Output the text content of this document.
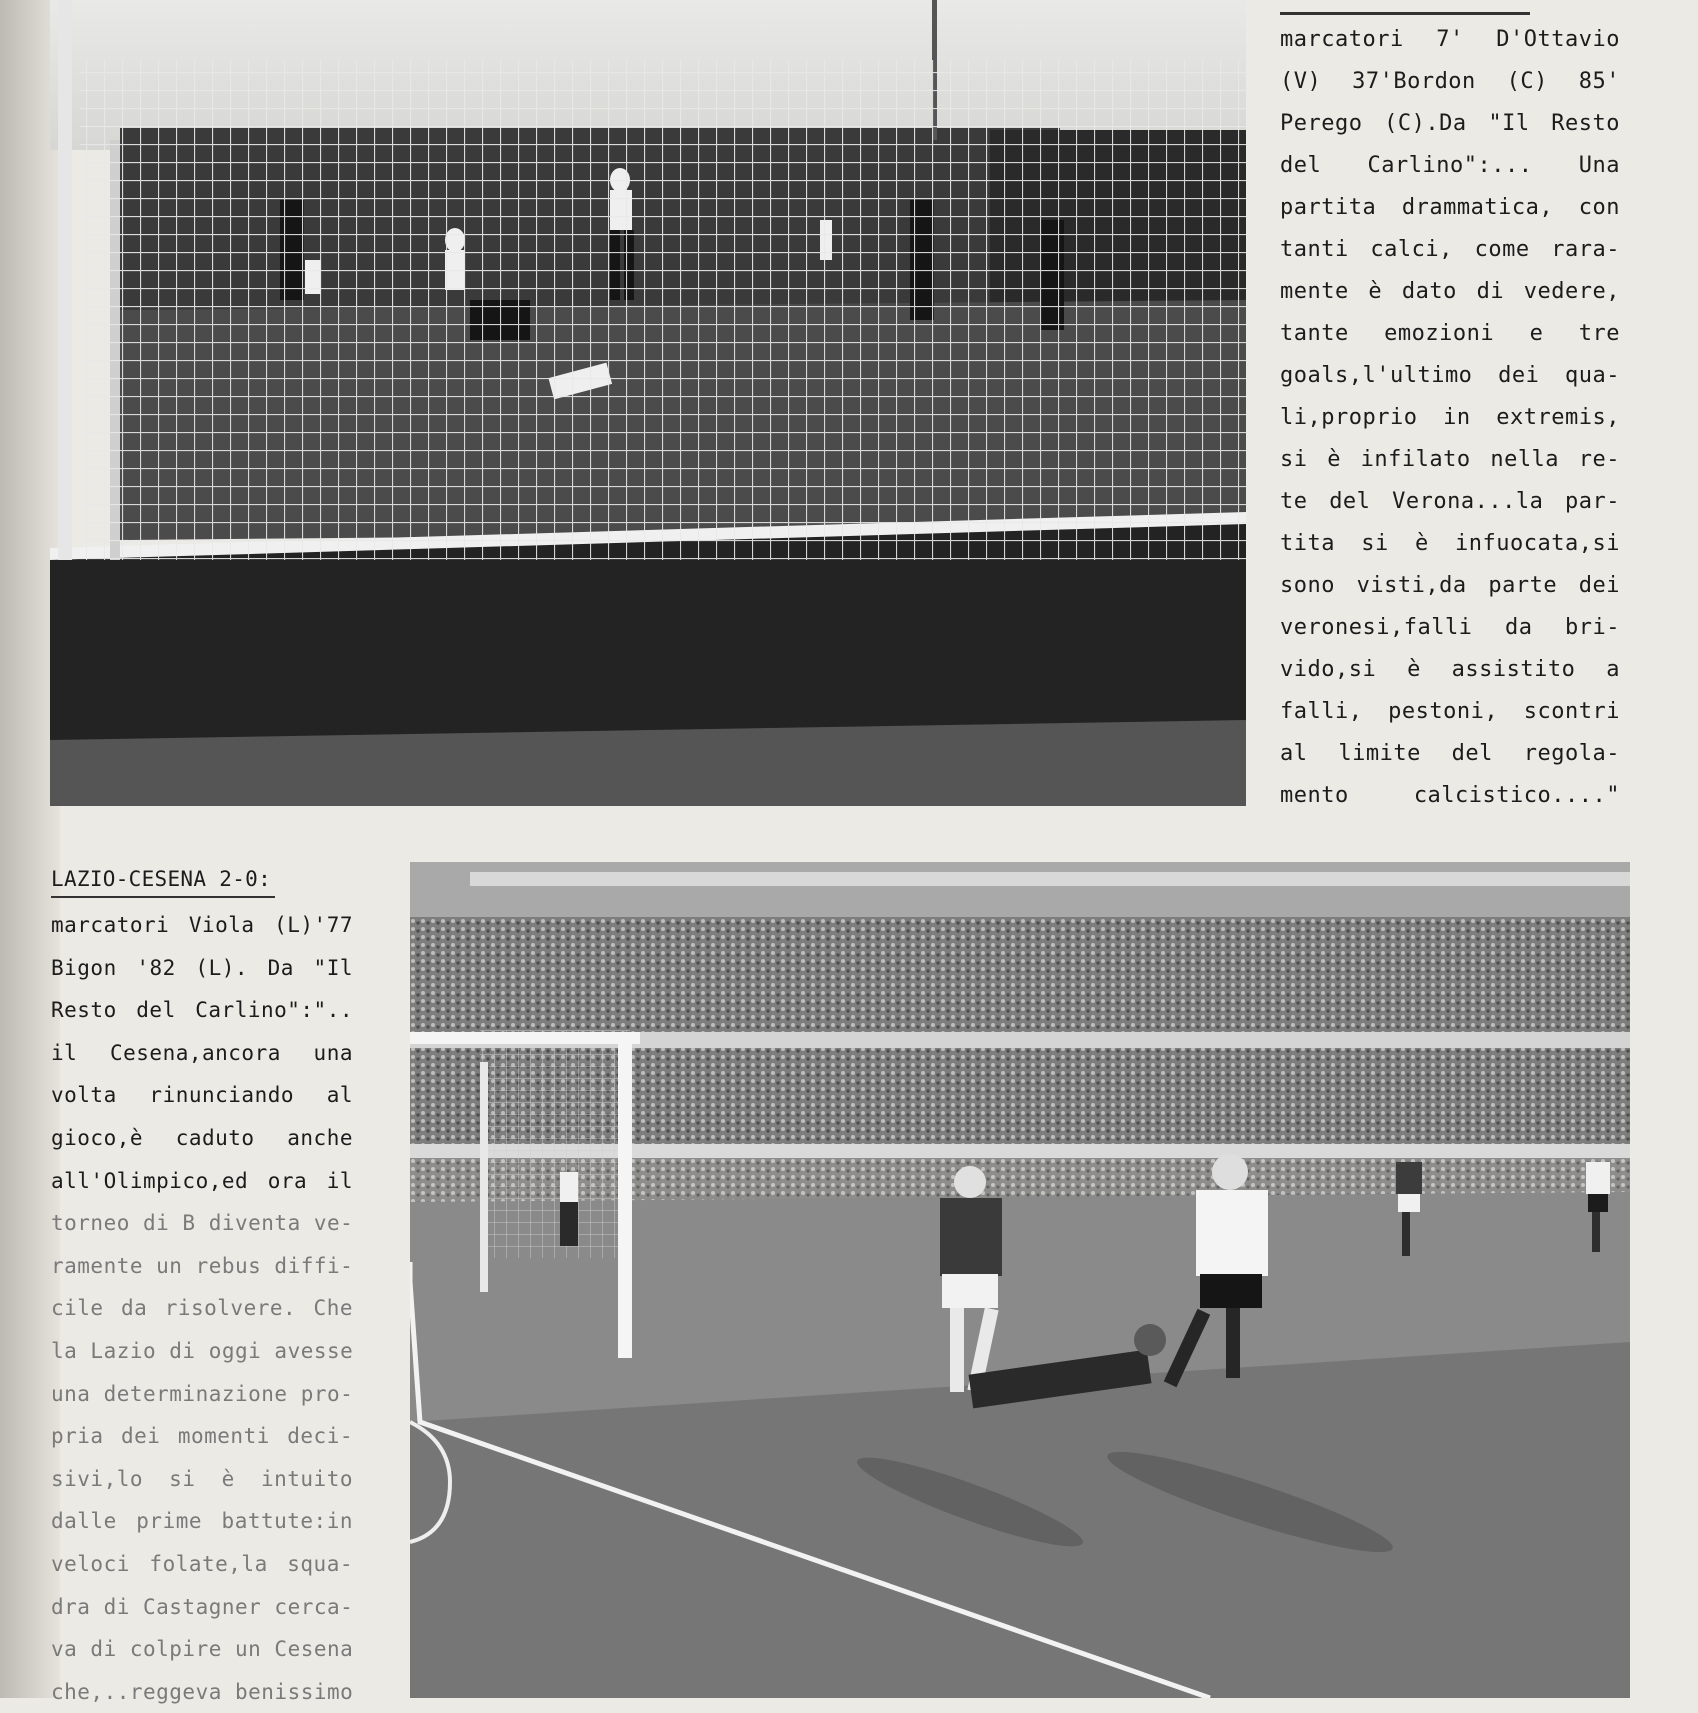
marcatori 7' D'Ottavio
(V) 37'Bordon (C) 85'
Perego (C).Da "Il Resto
del Carlino":... Una
partita drammatica, con
tanti calci, come rara-
mente è dato di vedere,
tante emozioni e tre
goals,l'ultimo dei qua-
li,proprio in extremis,
si è infilato nella re-
te del Verona...la par-
tita si è infuocata,si
sono visti,da parte dei
veronesi,falli da bri-
vido,si è assistito a
falli, pestoni, scontri
al limite del regola-
mento calcistico...."
LAZIO-CESENA 2-0:
marcatori Viola (L)'77
Bigon '82 (L). Da "Il
Resto del Carlino":"..
il Cesena,ancora una
volta rinunciando al
gioco,è caduto anche
all'Olimpico,ed ora il
torneo di B diventa ve-
ramente un rebus diffi-
cile da risolvere. Che
la Lazio di oggi avesse
una determinazione pro-
pria dei momenti deci-
sivi,lo si è intuito
dalle prime battute:in
veloci folate,la squa-
dra di Castagner cerca-
va di colpire un Cesena
che,..reggeva benissimo
